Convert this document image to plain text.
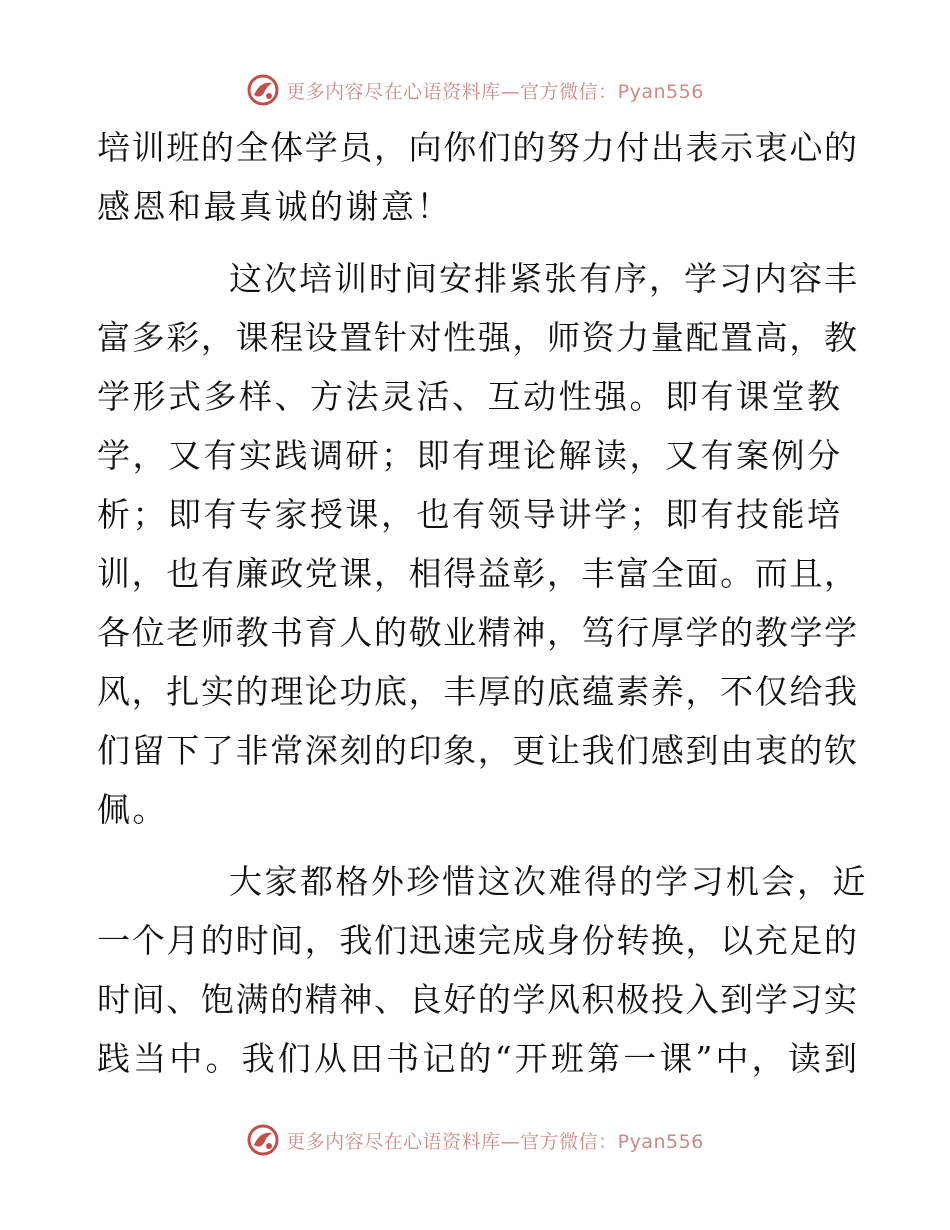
更多内容尽在心语资料库—官方微信：Pyan556
培训班的全体学员，向你们的努力付出表示衷心的
感恩和最真诚的谢意！
这次培训时间安排紧张有序，学习内容丰
富多彩，课程设置针对性强，师资力量配置高，教
学形式多样、方法灵活、互动性强。即有课堂教
学，又有实践调研；即有理论解读，又有案例分
析；即有专家授课，也有领导讲学；即有技能培
训，也有廉政党课，相得益彰，丰富全面。而且，
各位老师教书育人的敬业精神，笃行厚学的教学学
风，扎实的理论功底，丰厚的底蕴素养，不仅给我
们留下了非常深刻的印象，更让我们感到由衷的钦
佩。
大家都格外珍惜这次难得的学习机会，近
一个月的时间，我们迅速完成身份转换，以充足的
时间、饱满的精神、良好的学风积极投入到学习实
践当中。我们从田书记的“开班第一课”中，读到
更多内容尽在心语资料库—官方微信：Pyan556
